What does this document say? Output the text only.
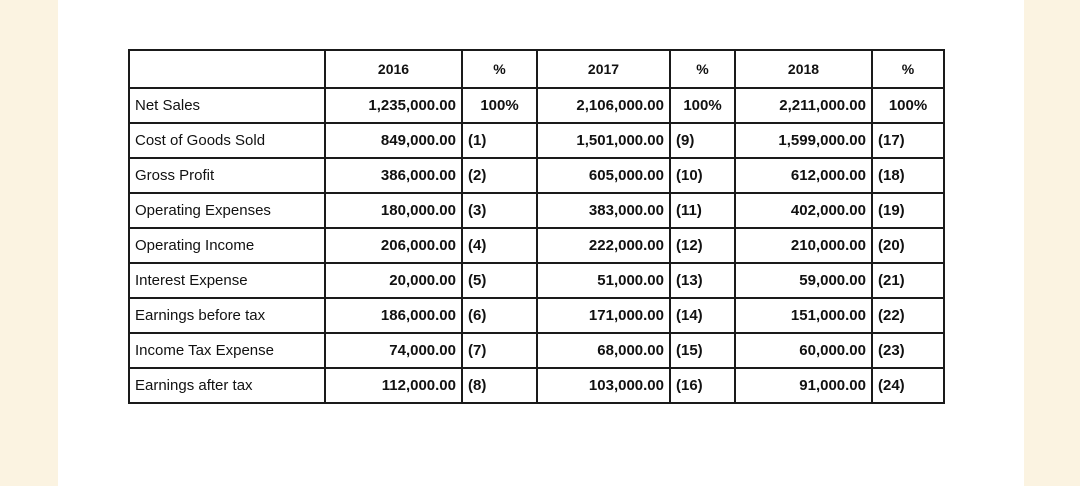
	2016	%	2017	%	2018	%
Net Sales	1,235,000.00	100%	2,106,000.00	100%	2,211,000.00	100%
Cost of Goods Sold	849,000.00	(1)	1,501,000.00	(9)	1,599,000.00	(17)
Gross Profit	386,000.00	(2)	605,000.00	(10)	612,000.00	(18)
Operating Expenses	180,000.00	(3)	383,000.00	(11)	402,000.00	(19)
Operating Income	206,000.00	(4)	222,000.00	(12)	210,000.00	(20)
Interest Expense	20,000.00	(5)	51,000.00	(13)	59,000.00	(21)
Earnings before tax	186,000.00	(6)	171,000.00	(14)	151,000.00	(22)
Income Tax Expense	74,000.00	(7)	68,000.00	(15)	60,000.00	(23)
Earnings after tax	112,000.00	(8)	103,000.00	(16)	91,000.00	(24)
